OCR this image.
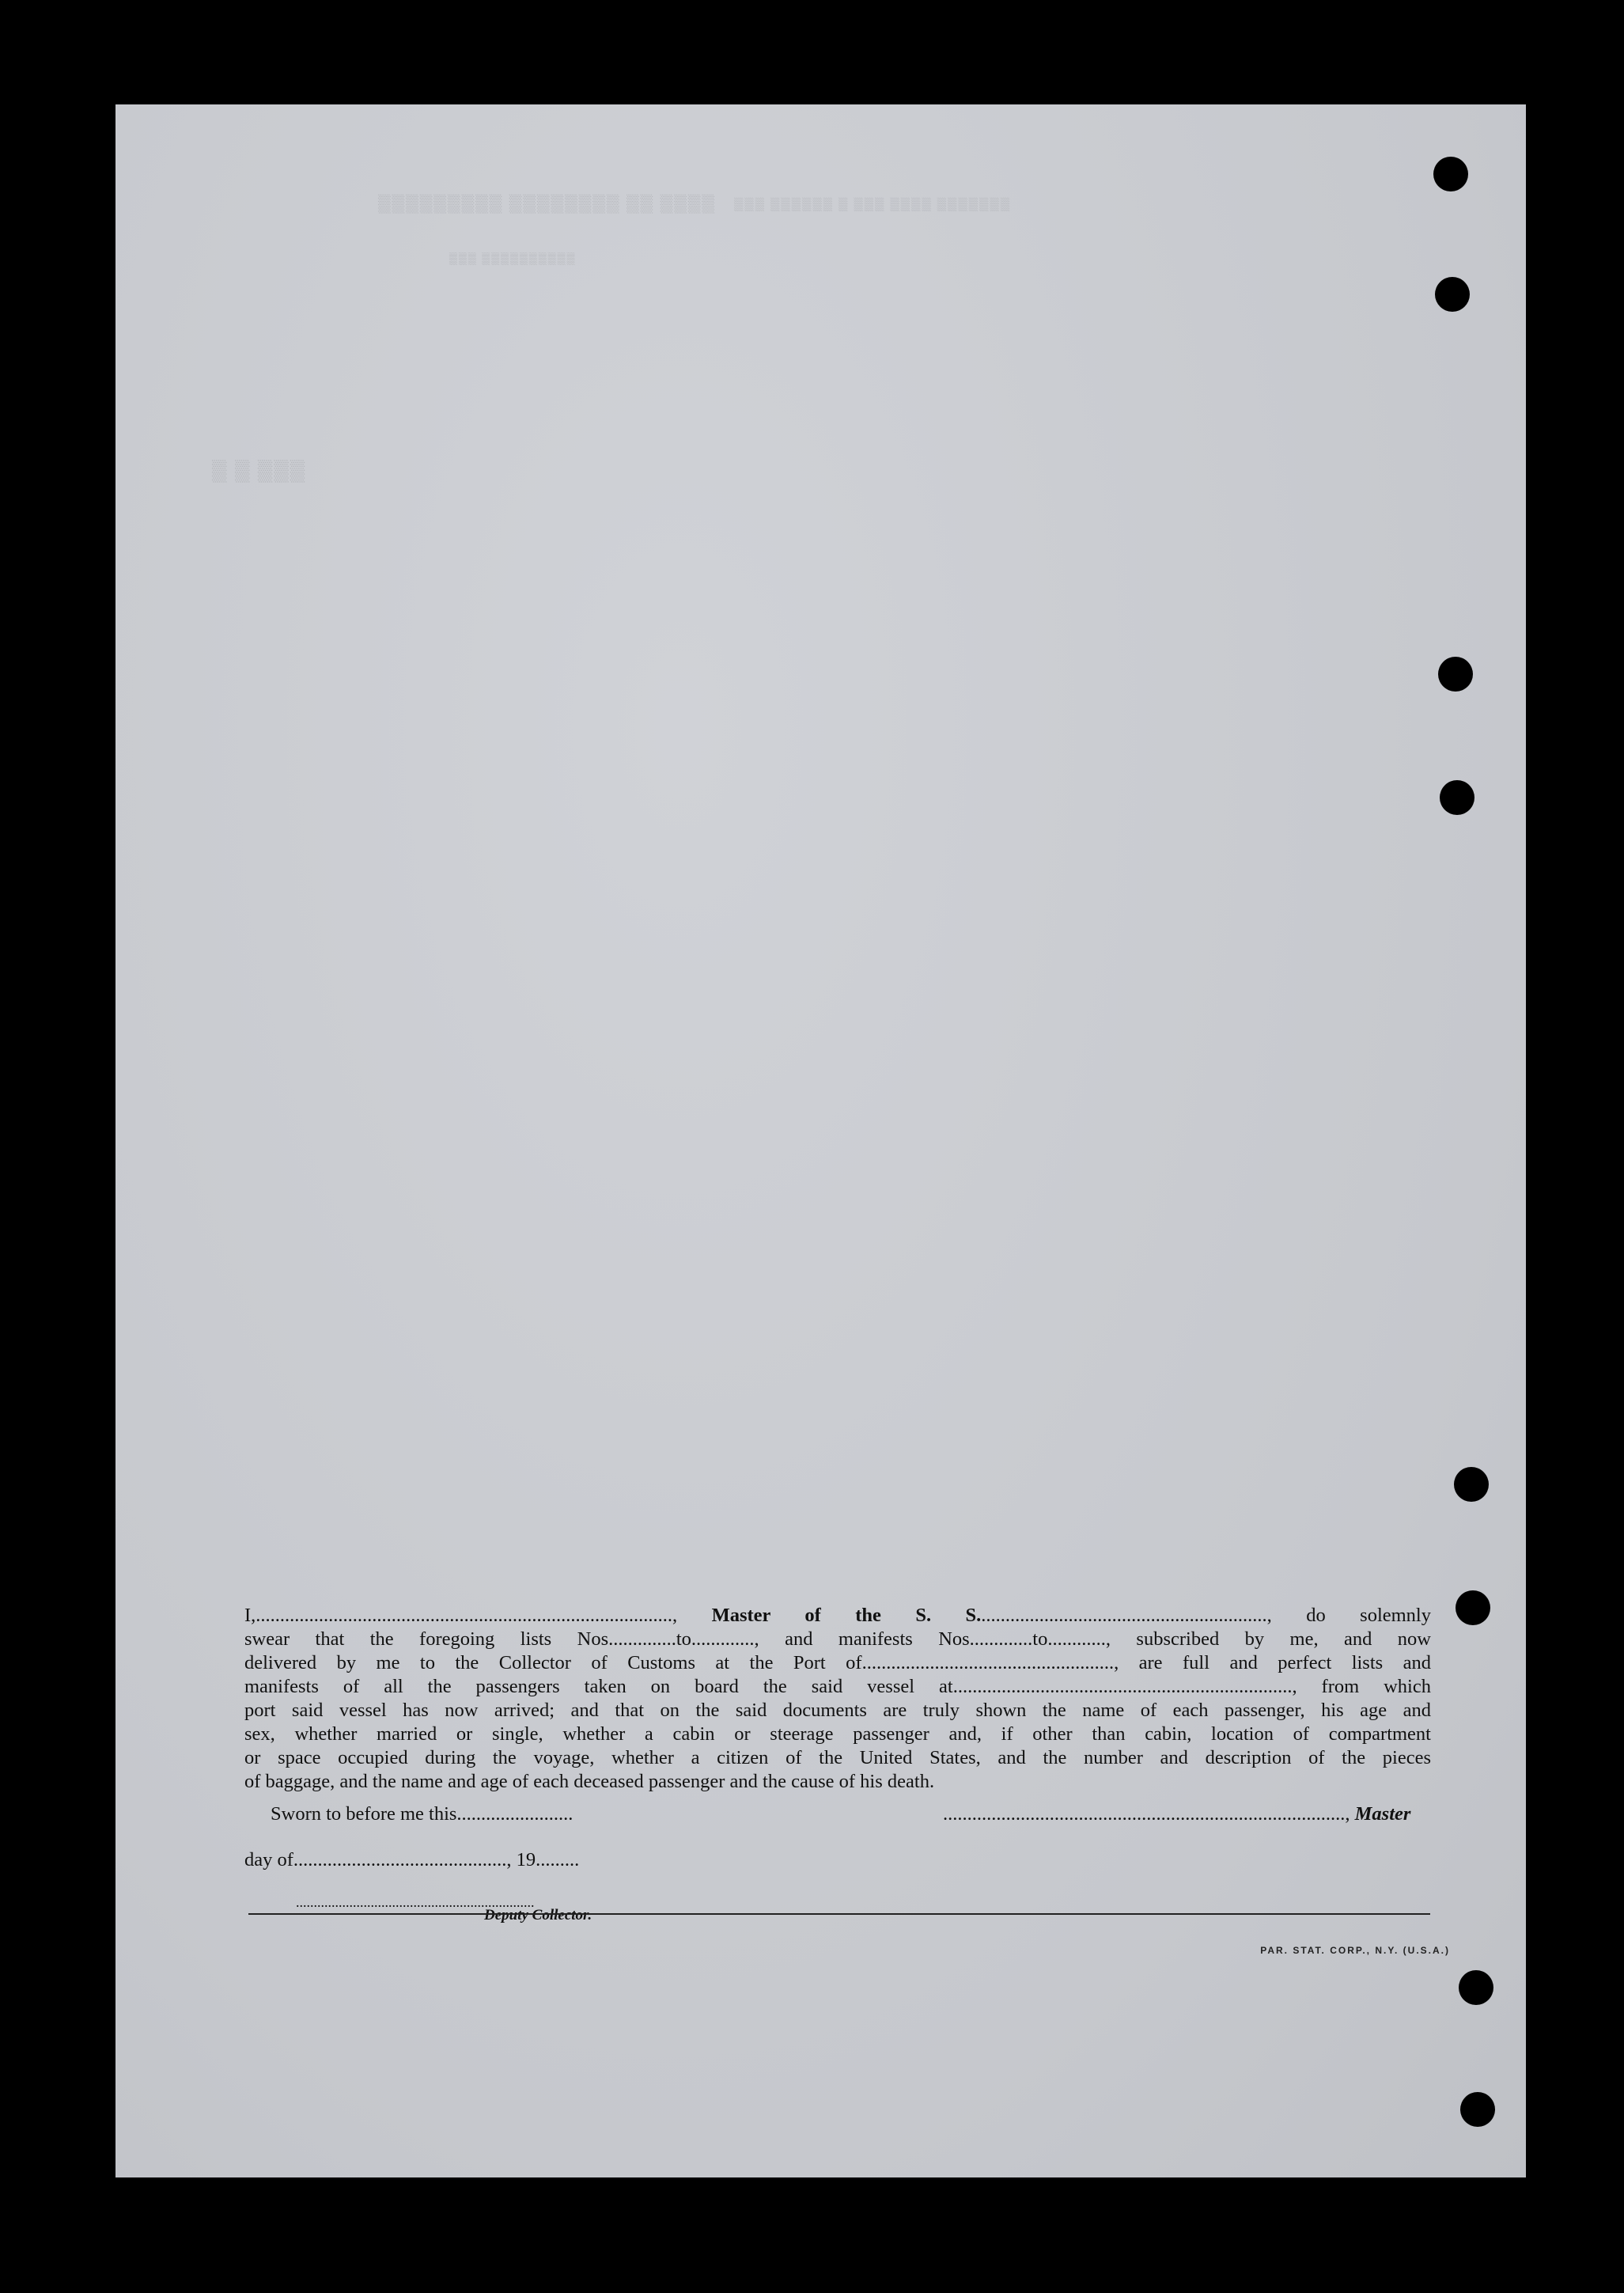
▒▒▒▒ ▒▒ ▒▒▒▒▒▒▒▒ ▒▒▒▒▒▒▒▒▒ ▒▒▒▒▒▒▒ ▒▒▒▒ ▒▒▒ ▒ ▒▒▒▒▒▒ ▒▒▒
▒▒▒▒▒▒▒▒▒▒ ▒▒▒
▒▒▒ ▒ ▒
I,......................................................................................, Master of the S. S............................................................, do solemnly
swear that the foregoing lists Nos..............to............., and manifests Nos.............to............, subscribed by me, and now
delivered by me to the Collector of Customs at the Port of...................................................., are full and perfect lists and
manifests of all the passengers taken on board the said vessel at......................................................................, from which
port said vessel has now arrived; and that on the said documents are truly shown the name of each passenger, his age and
sex, whether married or single, whether a cabin or steerage passenger and, if other than cabin, location of compartment
or space occupied during the voyage, whether a citizen of the United States, and the number and description of the pieces
of baggage, and the name and age of each deceased passenger and the cause of his death.
Sworn to before me this........................	..................................................................................., Master
day of............................................, 19.........
...................................................................
Deputy Collector.
PAR. STAT. CORP., N.Y. (U.S.A.)
